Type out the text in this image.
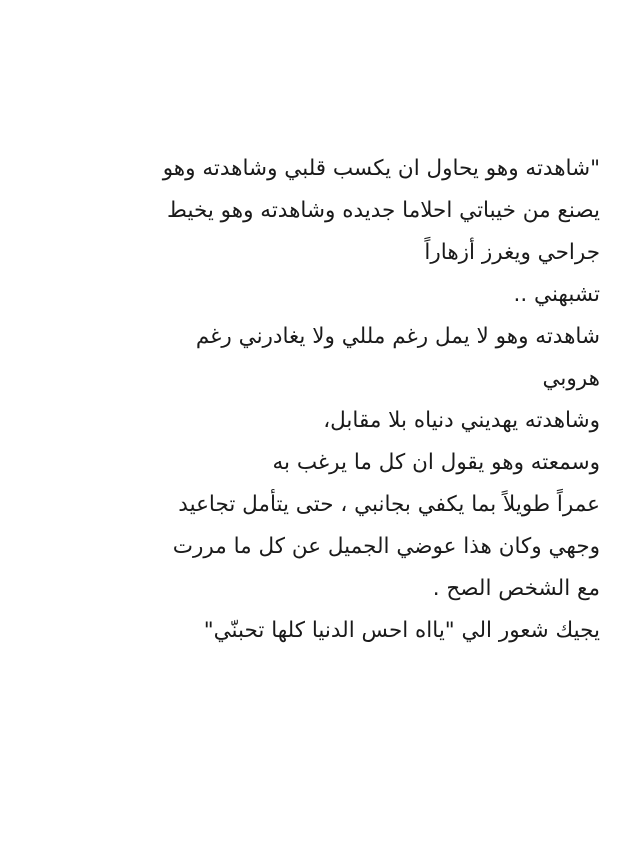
"شاهدته وهو يحاول ان يكسب قلبي وشاهدته وهو
يصنع من خيباتي احلاما جديده وشاهدته وهو يخيط
جراحي ويغرز أزهاراً
تشبهني ..
شاهدته وهو لا يمل رغم مللي ولا يغادرني رغم
هروبي
وشاهدته يهديني دنياه بلا مقابل،
وسمعته وهو يقول ان كل ما يرغب به
عمراً طويلاً بما يكفي بجانبي ، حتى يتأمل تجاعيد
وجهي وكان هذا عوضي الجميل عن كل ما مررت
مع الشخص الصح .
يجيك شعور الي "يااه احس الدنيا كلها تحبنّي"
